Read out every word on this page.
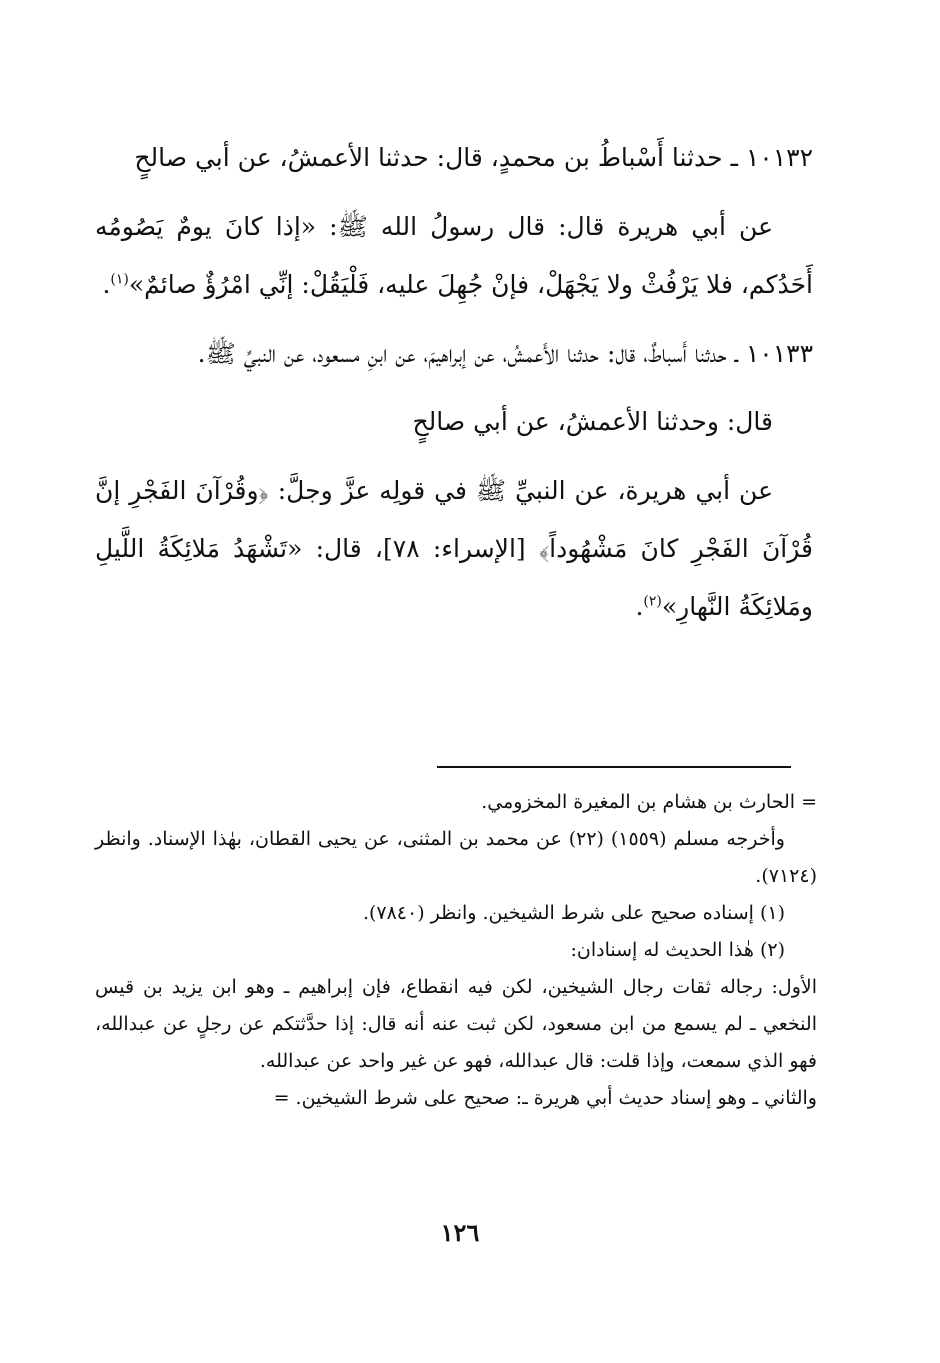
١٠١٣٢ ـ حدثنا أَسْباطُ بن محمدٍ، قال: حدثنا الأعمشُ، عن أبي صالحٍ

عن أبي هريرة قال: قال رسولُ الله ﷺ: «إذا كانَ يومٌ يَصُومُه أَحَدُكم، فلا يَرْفُثْ ولا يَجْهَلْ، فإنْ جُهِلَ عليه، فَلْيَقُلْ: إنِّي امْرُؤٌ صائمٌ»$^{(١)}$.

١٠١٣٣ ـ حدثنا أَسباطٌ، قال: حدثنا الأَعمشُ، عن إبراهيمَ، عن ابنِ مسعود، عن النبيِّ ﷺ.

قال: وحدثنا الأعمشُ، عن أبي صالحٍ

عن أبي هريرة، عن النبيِّ ﷺ في قولِه عزَّ وجلَّ: ﴿وقُرْآنَ الفَجْرِ إنَّ قُرْآنَ الفَجْرِ كانَ مَشْهُوداً﴾ [الإسراء: ٧٨]، قال: «تَشْهَدُ مَلائِكَةُ اللَّيلِ ومَلائِكَةُ النَّهارِ»$^{(٢)}$.

= الحارث بن هشام بن المغيرة المخزومي.

وأخرجه مسلم (١٥٥٩) (٢٢) عن محمد بن المثنى، عن يحيى القطان، بهٰذا الإسناد. وانظر (٧١٢٤).

(١) إسناده صحيح على شرط الشيخين. وانظر (٧٨٤٠).

(٢) هٰذا الحديث له إسنادان:

الأول: رجاله ثقات رجال الشيخين، لكن فيه انقطاع، فإن إبراهيم ـ وهو ابن يزيد بن قيس النخعي ـ لم يسمع من ابن مسعود، لكن ثبت عنه أنه قال: إذا حدَّثتكم عن رجلٍ عن عبدالله، فهو الذي سمعت، وإذا قلت: قال عبدالله، فهو عن غير واحد عن عبدالله.

والثاني ـ وهو إسناد حديث أبي هريرة ـ: صحيح على شرط الشيخين. =

١٢٦
